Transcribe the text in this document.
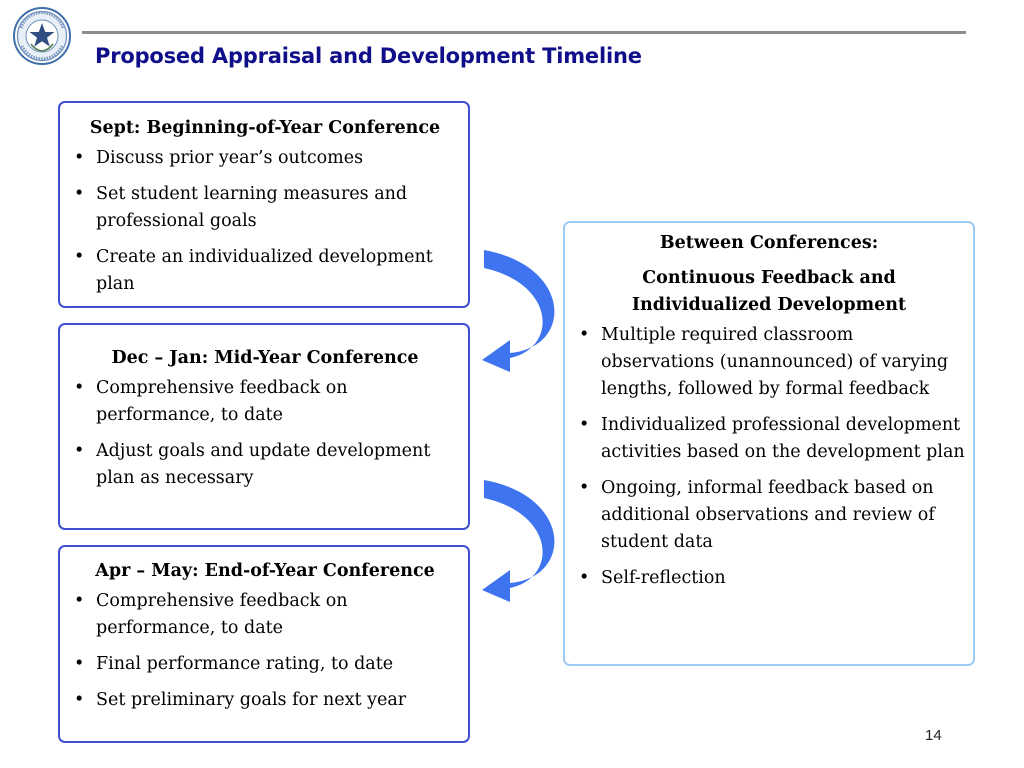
Proposed Appraisal and Development Timeline
Sept: Beginning-of-Year Conference
• Discuss prior year’s outcomes
• Set student learning measures and professional goals
• Create an individualized development plan
Dec – Jan: Mid-Year Conference
• Comprehensive feedback on performance, to date
• Adjust goals and update development plan as necessary
Apr – May: End-of-Year Conference
• Comprehensive feedback on performance, to date
• Final performance rating, to date
• Set preliminary goals for next year
Between Conferences:
Continuous Feedback and Individualized Development
• Multiple required classroom observations (unannounced) of varying lengths, followed by formal feedback
• Individualized professional development activities based on the development plan
• Ongoing, informal feedback based on additional observations and review of student data
• Self-reflection
14
